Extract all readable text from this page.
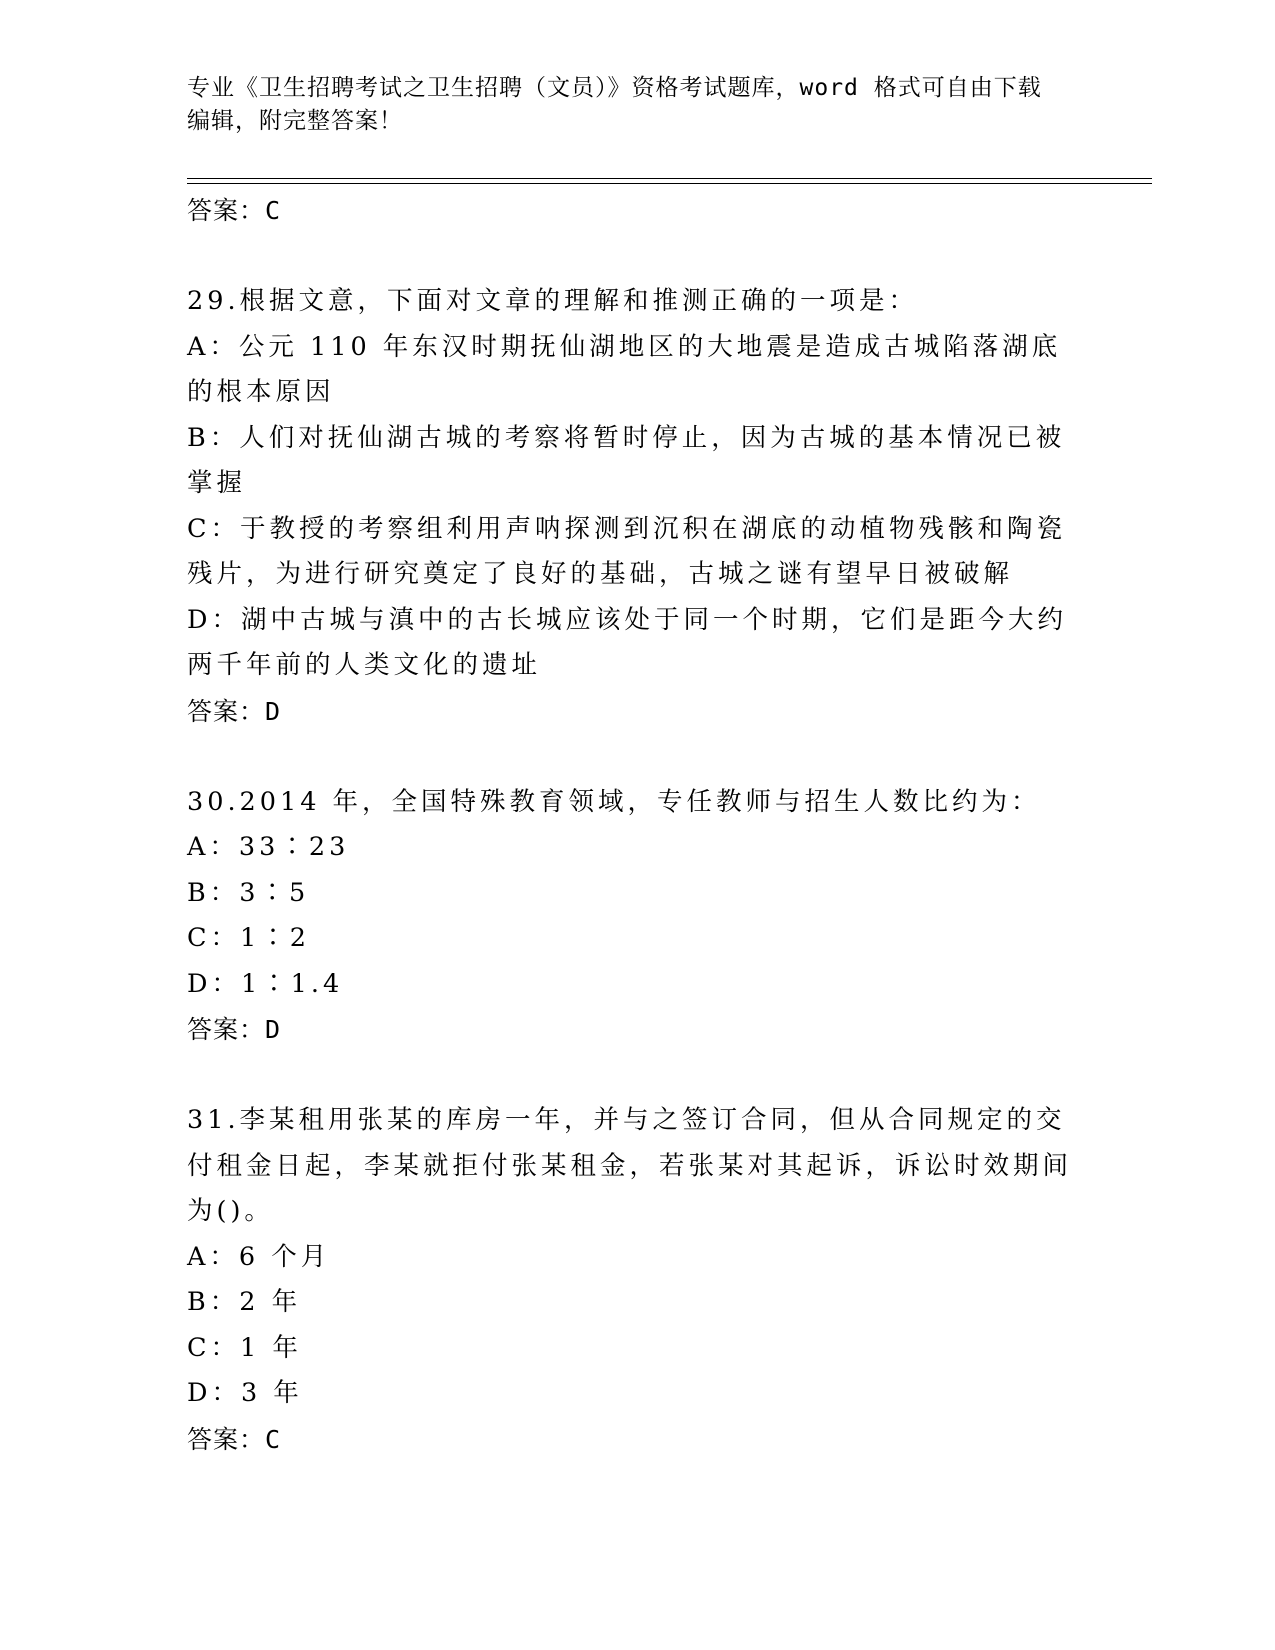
专业《卫生招聘考试之卫生招聘（文员）》资格考试题库，word 格式可自由下载
编辑，附完整答案！

答案：C

29.根据文意，下面对文章的理解和推测正确的一项是：

A：公元 110 年东汉时期抚仙湖地区的大地震是造成古城陷落湖底的根本原因

B：人们对抚仙湖古城的考察将暂时停止，因为古城的基本情况已被掌握

C：于教授的考察组利用声呐探测到沉积在湖底的动植物残骸和陶瓷残片，为进行研究奠定了良好的基础，古城之谜有望早日被破解

D：湖中古城与滇中的古长城应该处于同一个时期，它们是距今大约两千年前的人类文化的遗址

答案：D

30.2014 年，全国特殊教育领域，专任教师与招生人数比约为：

A：33∶23

B：3∶5

C：1∶2

D：1∶1.4

答案：D

31.李某租用张某的库房一年，并与之签订合同，但从合同规定的交付租金日起，李某就拒付张某租金，若张某对其起诉，诉讼时效期间为()。

A：6 个月

B：2 年

C：1 年

D：3 年

答案：C
